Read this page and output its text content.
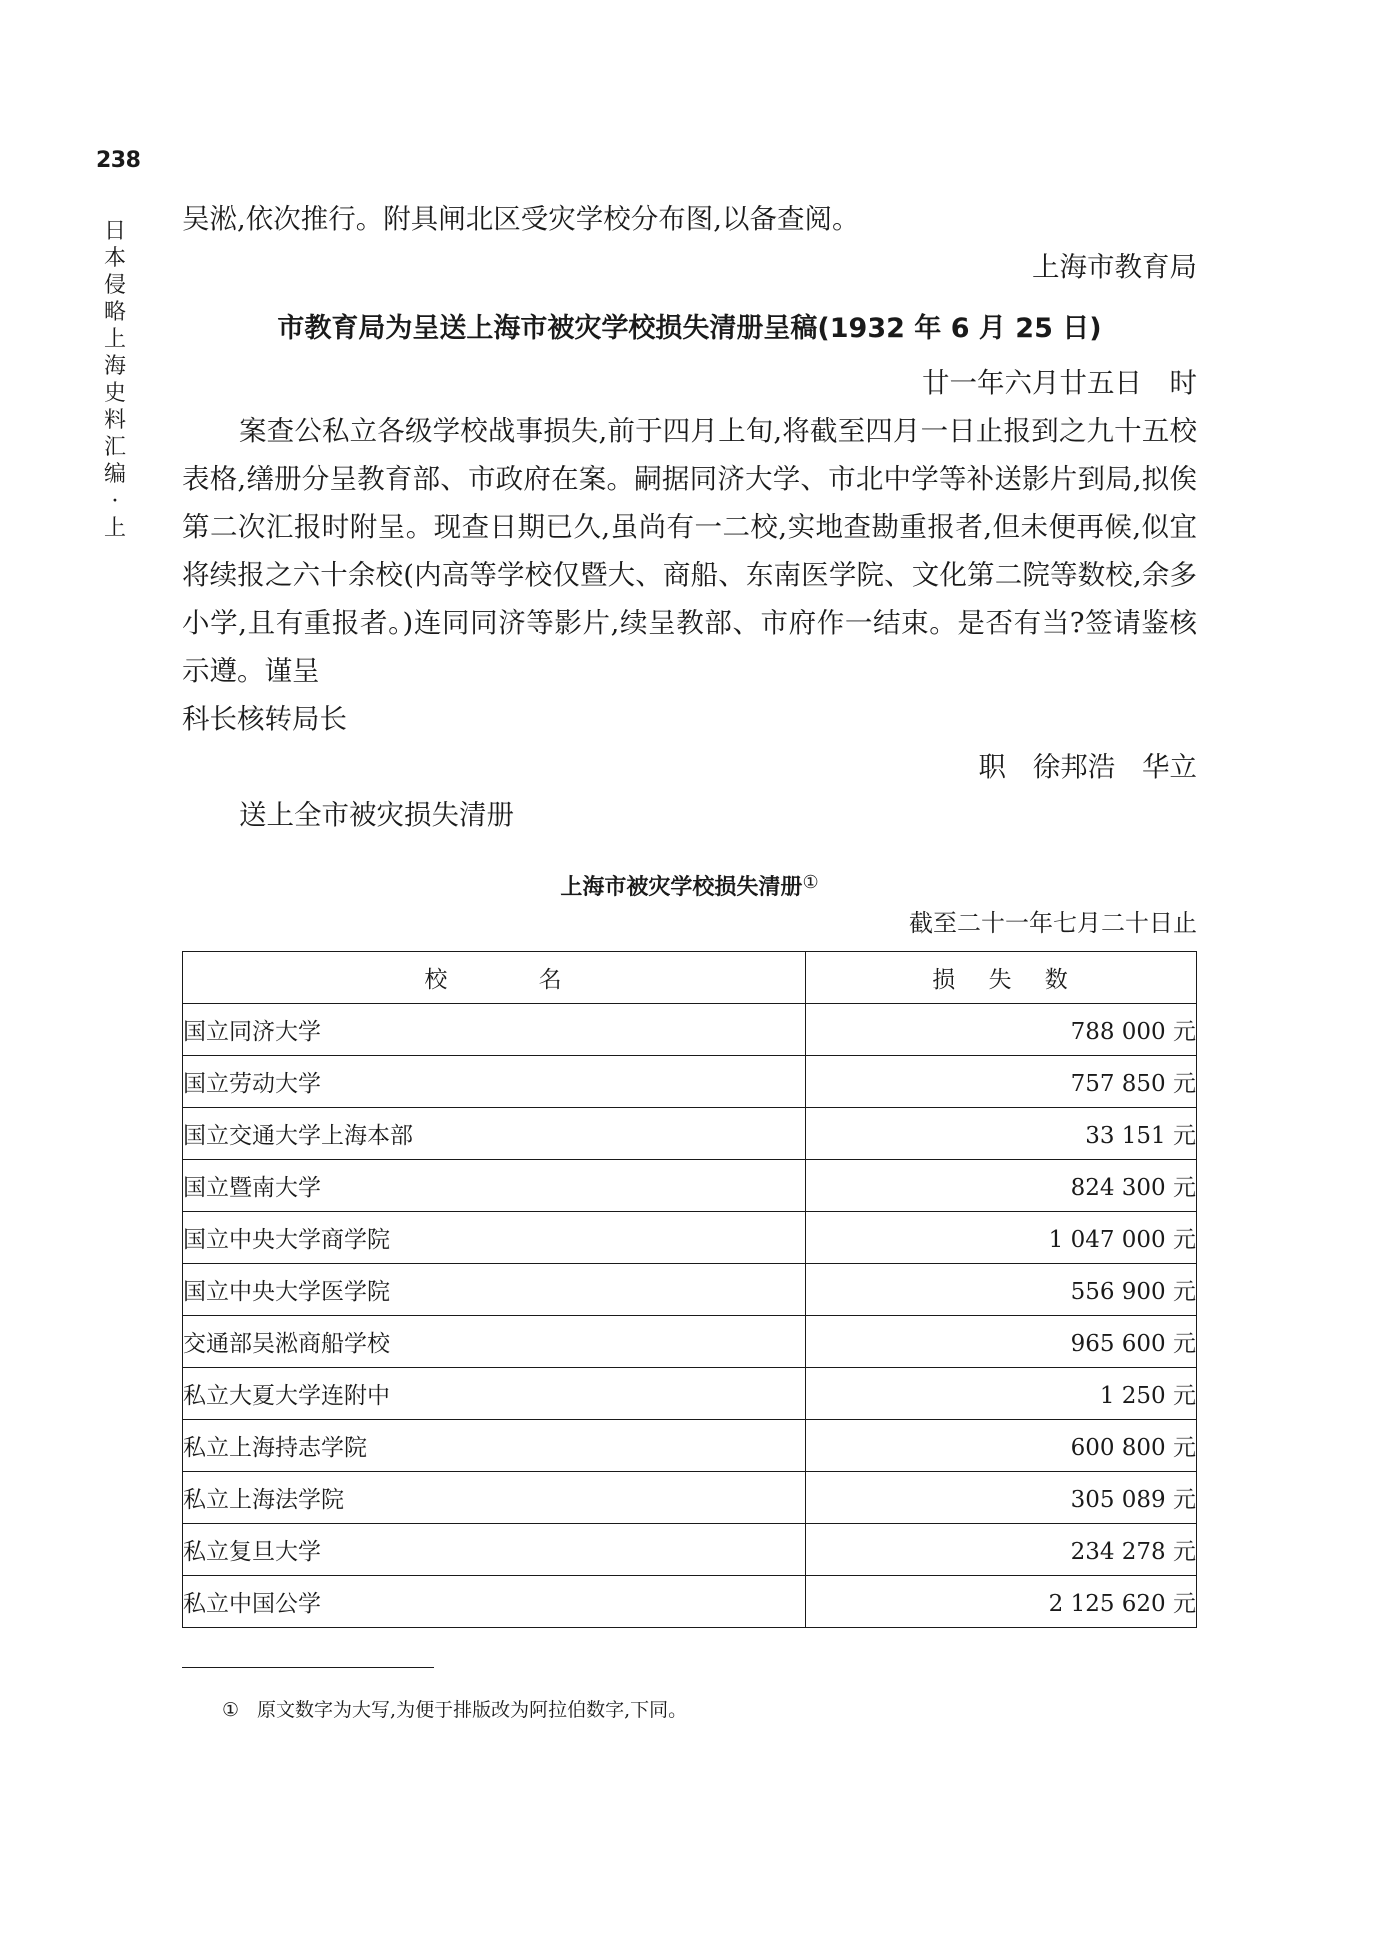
238
日本侵略上海史料汇编·上
吴淞,依次推行。附具闸北区受灾学校分布图,以备查阅。
上海市教育局
市教育局为呈送上海市被灾学校损失清册呈稿(1932 年 6 月 25 日)
廿一年六月廿五日　时
案查公私立各级学校战事损失,前于四月上旬,将截至四月一日止报到之九十五校表格,缮册分呈教育部、市政府在案。嗣据同济大学、市北中学等补送影片到局,拟俟第二次汇报时附呈。现查日期已久,虽尚有一二校,实地查勘重报者,但未便再候,似宜将续报之六十余校(内高等学校仅暨大、商船、东南医学院、文化第二院等数校,余多小学,且有重报者。)连同同济等影片,续呈教部、市府作一结束。是否有当?签请鉴核示遵。谨呈
科长核转局长
职 徐邦浩 华立
送上全市被灾损失清册
上海市被灾学校损失清册①
截至二十一年七月二十日止
校 名	损 失 数
国立同济大学	788 000 元
国立劳动大学	757 850 元
国立交通大学上海本部	33 151 元
国立暨南大学	824 300 元
国立中央大学商学院	1 047 000 元
国立中央大学医学院	556 900 元
交通部吴淞商船学校	965 600 元
私立大夏大学连附中	1 250 元
私立上海持志学院	600 800 元
私立上海法学院	305 089 元
私立复旦大学	234 278 元
私立中国公学	2 125 620 元
① 原文数字为大写,为便于排版改为阿拉伯数字,下同。
